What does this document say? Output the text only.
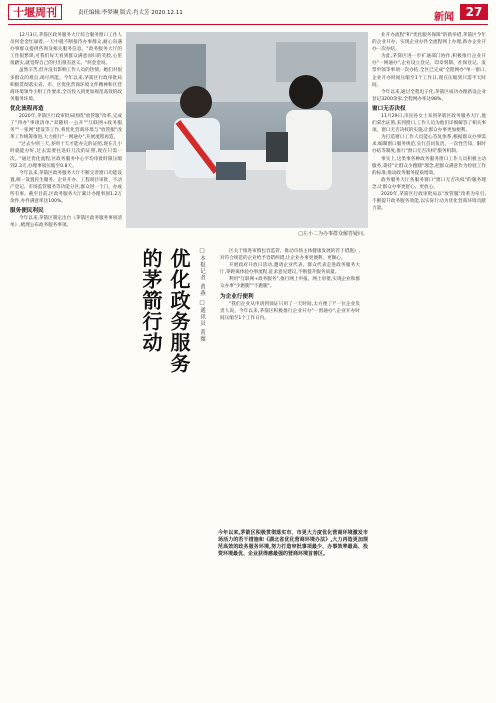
十堰周刊	责任编辑:李梦琳 版式:肖大芳 2020.12.11	新闻 27

12月3日,茅箭区政务服务大厅综合服务窗口工作人员何金金忙碌着,一天中就不断接待办事群众,耐心向遇办事群众提供咨询及相关服务信息。"政务服务大厅的工作很繁琐,可我们每天看到群众满意而归的笑脸,心里很踏实,就觉得自己的付出很有意义。"何金金说。

虽然辛苦,但并没有影响工作人员的热情。她们对很多群众的难点,竭尽所能。今年以来,茅箭区行政审批局积极贯彻落实省、市、区优化营商环境文件精神和区营商环境领导小组工作要求,全员投入到更加规范高效的政务服务环境。

优化流程再造

2020年,茅箭区行政审批局围绕"放管服"改革,完成了"四办"事项清单,"双随机一公开""互联网+政务服务""一张网"建设等工作,将优化营商环境与"放管服"改革工作统筹推进,大力推行"一网通办",开展流程再造。

"过去少则三天,多则十天才能办完的证照,现在几小时就能办好,过去需要往返好几次的证照,现在只需一次。"通过优化流程,区政务服务中心平均审批时限压缩到2.3天,办理事项压缩至0.8天。

今年以来,茅箭区政务服务大厅不断完善窗口功能设置,统一设置民生服务、企业开办、工程项目审批、不动产登记、市场监管服务等功能分区,群众进一个门、办成所有事。截至目前,区政务服务大厅累计办理事项1.2万余件,办件满意率达100%。

服务便民利民

今年以来,茅箭区制定出台《茅箭区政务服务事项清单》,梳理公布政务服务事项。

□左小二为办事群众解答疑问。
优化政务服务
的茅箭行动	□本报记者 黄燕
□通讯员 黄薇

区关于推进审慎包容监管、推动市场主体健康发展的若干措施》,对符合规范的企业给予容错纠错,让企业办事更便利、更顺心。

开展政府开放日活动,邀请企业代表、群众代表走进政务服务大厅,零距离体验办事流程,征求意见建议,不断提升服务质量。

利用"互联网+政务服务",推行网上申报、网上审批,实现企业和群众办事"少跑腿""不跑腿"。

为企业行便利

"我们企业从申请到领证只用了一天时间,太方便了!"一位企业负责人说。今年以来,茅箭区积极推行企业开办"一窗通办",企业开办时间压缩至1个工作日内。

今年以来,茅箭区积极贯彻落实市、市更大力度优化营商环境激发市场活力的若干措施和《湖北省优化营商环境办法》,大力再造更加规范高效的政务服务环境,努力打造审批事项最少、办事效率最高、投资环境最优、企业获得感最强的营商环境首善区。

业开办流程"和"优化服务保障"的新举措,茅箭区今年的企业开办、实现企业办件全流程网上办理,新办企业开办一次办结。

为此,茅箭区进一步扩通部门协作,积极推行企业开办"一网通办",企业设立登记、印章刻制、社保登记、发票申领等事项一次办结,全区已完成"全程网办"单一窗口,企业开办时间压缩至1个工作日,现在压缩到只需半天时间。

今年以来,通过全程电子化,茅箭区成功办理新设企业登记3200余家,全程网办率达98%。

窗口无否决权

11月29日,市民孙女士来到茅箭区政务服务大厅,他们拿出证照,来到窗口,工作人员为他们详细解答了相关事项。窗口无否决权的实施,让群众办事更加便利。

为打造窗口工作人员能心答复体系,根据群众办事需求,编制窗口服务规范,实行首问负责、一次性告知、限时办结等制度,推行"窗口无否决权"服务机制。

事实上,这类事各种政务服务窗口工作人员积极主动服务,秉持"让群众少跑腿"理念,把群众满意作为检验工作的标准,推动政务服务提质增效。

政务服务大厅各服务窗口"窗口无否决权"的服务理念,让群众办事更舒心、更放心。

2020年,茅箭区行政审批局以"放管服"改革为牵引,不断提升政务服务效能,以实际行动为优化营商环境贡献力量。
